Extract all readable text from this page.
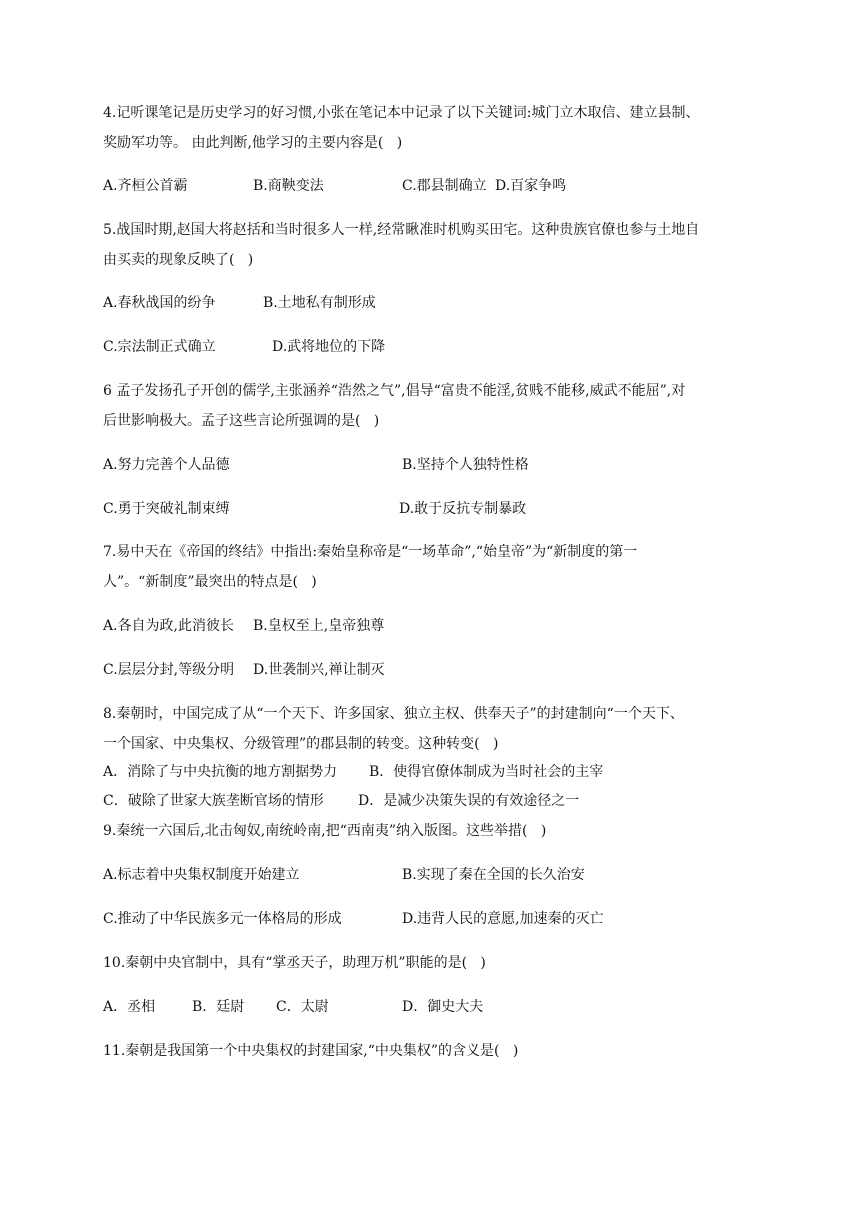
4.记听课笔记是历史学习的好习惯,小张在笔记本中记录了以下关键词:城门立木取信、建立县制、
奖励军功等。 由此判断,他学习的主要内容是(   )
A.齐桓公首霸	B.商鞅变法	C.郡县制确立 D.百家争鸣
5.战国时期,赵国大将赵括和当时很多人一样,经常瞅准时机购买田宅。这种贵族官僚也参与土地自
由买卖的现象反映了(   )
A.春秋战国的纷争	B.土地私有制形成
C.宗法制正式确立	D.武将地位的下降
6 孟子发扬孔子开创的儒学,主张涵养“浩然之气”,倡导“富贵不能淫,贫贱不能移,威武不能屈”,对
后世影响极大。孟子这些言论所强调的是(   )
A.努力完善个人品德	B.坚持个人独特性格
C.勇于突破礼制束缚	D.敢于反抗专制暴政
7.易中天在《帝国的终结》中指出:秦始皇称帝是“一场革命”,“始皇帝”为“新制度的第一
人”。“新制度”最突出的特点是(   )
A.各自为政,此消彼长 B.皇权至上,皇帝独尊
C.层层分封,等级分明 D.世袭制兴,禅让制灭
8.秦朝时，中国完成了从“一个天下、许多国家、独立主权、供奉天子”的封建制向“一个天下、
一个国家、中央集权、分级管理”的郡县制的转变。这种转变(   )
A．消除了与中央抗衡的地方割据势力 B．使得官僚体制成为当时社会的主宰
C．破除了世家大族垄断官场的情形 D．是减少决策失误的有效途径之一
9.秦统一六国后,北击匈奴,南统岭南,把“西南夷”纳入版图。这些举措(   )
A.标志着中央集权制度开始建立	B.实现了秦在全国的长久治安
C.推动了中华民族多元一体格局的形成	D.违背人民的意愿,加速秦的灭亡
10.秦朝中央官制中，具有“掌丞天子，助理万机”职能的是(   )
A．丞相	B．廷尉 C．太尉	D．御史大夫
11.秦朝是我国第一个中央集权的封建国家,“中央集权”的含义是(   )
